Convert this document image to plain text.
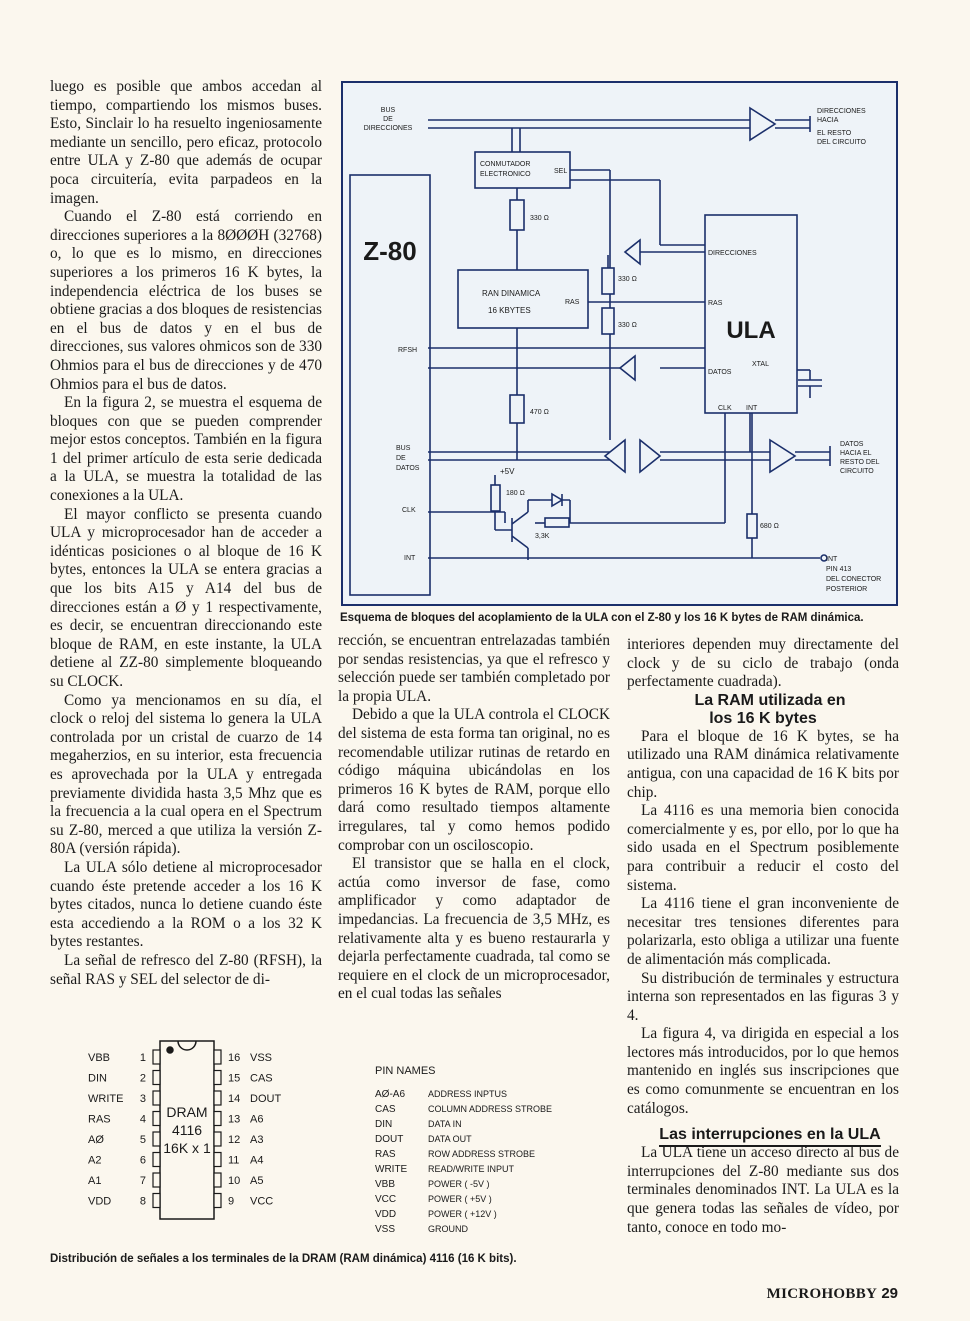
luego es posible que ambos accedan al tiempo, compartiendo los mismos buses. Esto, Sinclair lo ha resuelto ingeniosamente mediante un sencillo, pero eficaz, protocolo entre ULA y Z-80 que además de ocupar poca circuitería, evita parpadeos en la imagen.

Cuando el Z-80 está corriendo en direcciones superiores a la 8ØØØH (32768) o, lo que es lo mismo, en direcciones superiores a los primeros 16 K bytes, la independencia eléctrica de los buses se obtiene gracias a dos bloques de resistencias en el bus de datos y en el bus de direcciones, sus valores ohmicos son de 330 Ohmios para el bus de direcciones y de 470 Ohmios para el bus de datos.

En la figura 2, se muestra el esquema de bloques con que se pueden comprender mejor estos conceptos. También en la figura 1 del primer artículo de esta serie dedicada a la ULA, se muestra la totalidad de las conexiones a la ULA.

El mayor conflicto se presenta cuando ULA y microprocesador han de acceder a idénticas posiciones o al bloque de 16 K bytes, entonces la ULA se entera gracias a que los bits A15 y A14 del bus de direcciones están a Ø y 1 respectivamente, es decir, se encuentran direccionando este bloque de RAM, en este instante, la ULA detiene al ZZ-80 simplemente bloqueando su CLOCK.

Como ya mencionamos en su día, el clock o reloj del sistema lo genera la ULA controlada por un cristal de cuarzo de 14 megaherzios, en su interior, esta frecuencia es aprovechada por la ULA y entregada previamente dividida hasta 3,5 Mhz que es la frecuencia a la cual opera en el Spectrum su Z-80, merced a que utiliza la versión Z-80A (versión rápida).

La ULA sólo detiene al microprocesador cuando éste pretende acceder a los 16 K bytes citados, nunca lo detiene cuando éste esta accediendo a la ROM o a los 32 K bytes restantes.

La señal de refresco del Z-80 (RFSH), la señal RAS y SEL del selector de di-

BUS
DE
DIRECCIONES
DIRECCIONES
HACIA
EL RESTO
DEL CIRCUITO
CONMUTADOR
ELECTRONICO	SEL
Z-80
330 Ω
330 Ω
330 Ω
470 Ω
RAN DINAMICA
16 KBYTES
RAS
DIRECCIONES
RAS
ULA
DATOS
XTAL
CLK INT
RFSH
BUS
DE
DATOS
DATOS
HACIA EL
RESTO DEL
CIRCUITO
+5V
180 Ω
3,3K
680 Ω
CLK
INT	INT
PIN 413
DEL CONECTOR
POSTERIOR
Esquema de bloques del acoplamiento de la ULA con el Z-80 y los 16 K bytes de RAM dinámica.

rección, se encuentran entrelazadas también por sendas resistencias, ya que el refresco y selección puede ser también completado por la propia ULA.

Debido a que la ULA controla el CLOCK del sistema de esta forma tan original, no es recomendable utilizar rutinas de retardo en código máquina ubicándolas en los primeros 16 K bytes de RAM, porque ello dará como resultado tiempos altamente irregulares, tal y como hemos podido comprobar con un osciloscopio.

El transistor que se halla en el clock, actúa como inversor de fase, como amplificador y como adaptador de impedancias. La frecuencia de 3,5 MHz, es relativamente alta y es bueno restaurarla y dejarla perfectamente cuadrada, tal como se requiere en el clock de un microprocesador, en el cual todas las señales

interiores dependen muy directamente del clock y de su ciclo de trabajo (onda perfectamente cuadrada).

La RAM utilizada en
los 16 K bytes

Para el bloque de 16 K bytes, se ha utilizado una RAM dinámica relativamente antigua, con una capacidad de 16 K bits por chip.

La 4116 es una memoria bien conocida comercialmente y es, por ello, por lo que ha sido usada en el Spectrum posiblemente para contribuir a reducir el costo del sistema.

La 4116 tiene el gran inconveniente de necesitar tres tensiones diferentes para polarizarla, esto obliga a utilizar una fuente de alimentación más complicada.

Su distribución de terminales y estructura interna son representados en las figuras 3 y 4.

La figura 4, va dirigida en especial a los lectores más introducidos, por lo que hemos mantenido en inglés sus inscripciones que es como comunmente se encuentran en los catálogos.

Las interrupciones en la ULA

La ULA tiene un acceso directo al bus de interrupciones del Z-80 mediante sus dos terminales denominados INT. La ULA es la que genera todas las señales de vídeo, por tanto, conoce en todo mo-

1
VBB
2
DIN
3
WRITE
4
RAS
5
AØ
6
A2
7
A1
8
VDD
16 VSS
15 CAS
14 DOUT
13 A6
12 A3
11 A4
10 A5
9 VCC
DRAM
4116
16K x 1
PIN NAMES
AØ-A6	ADDRESS INPTUS
CAS	COLUMN ADDRESS STROBE
DIN	DATA IN
DOUT	DATA OUT
RAS	ROW ADDRESS STROBE
WRITE READ/WRITE INPUT
VBB	POWER ( -5V )
VCC	POWER ( +5V )
VDD	POWER ( +12V )
VSS	GROUND
Distribución de señales a los terminales de la DRAM (RAM dinámica) 4116 (16 K bits).
MICROHOBBY 29
